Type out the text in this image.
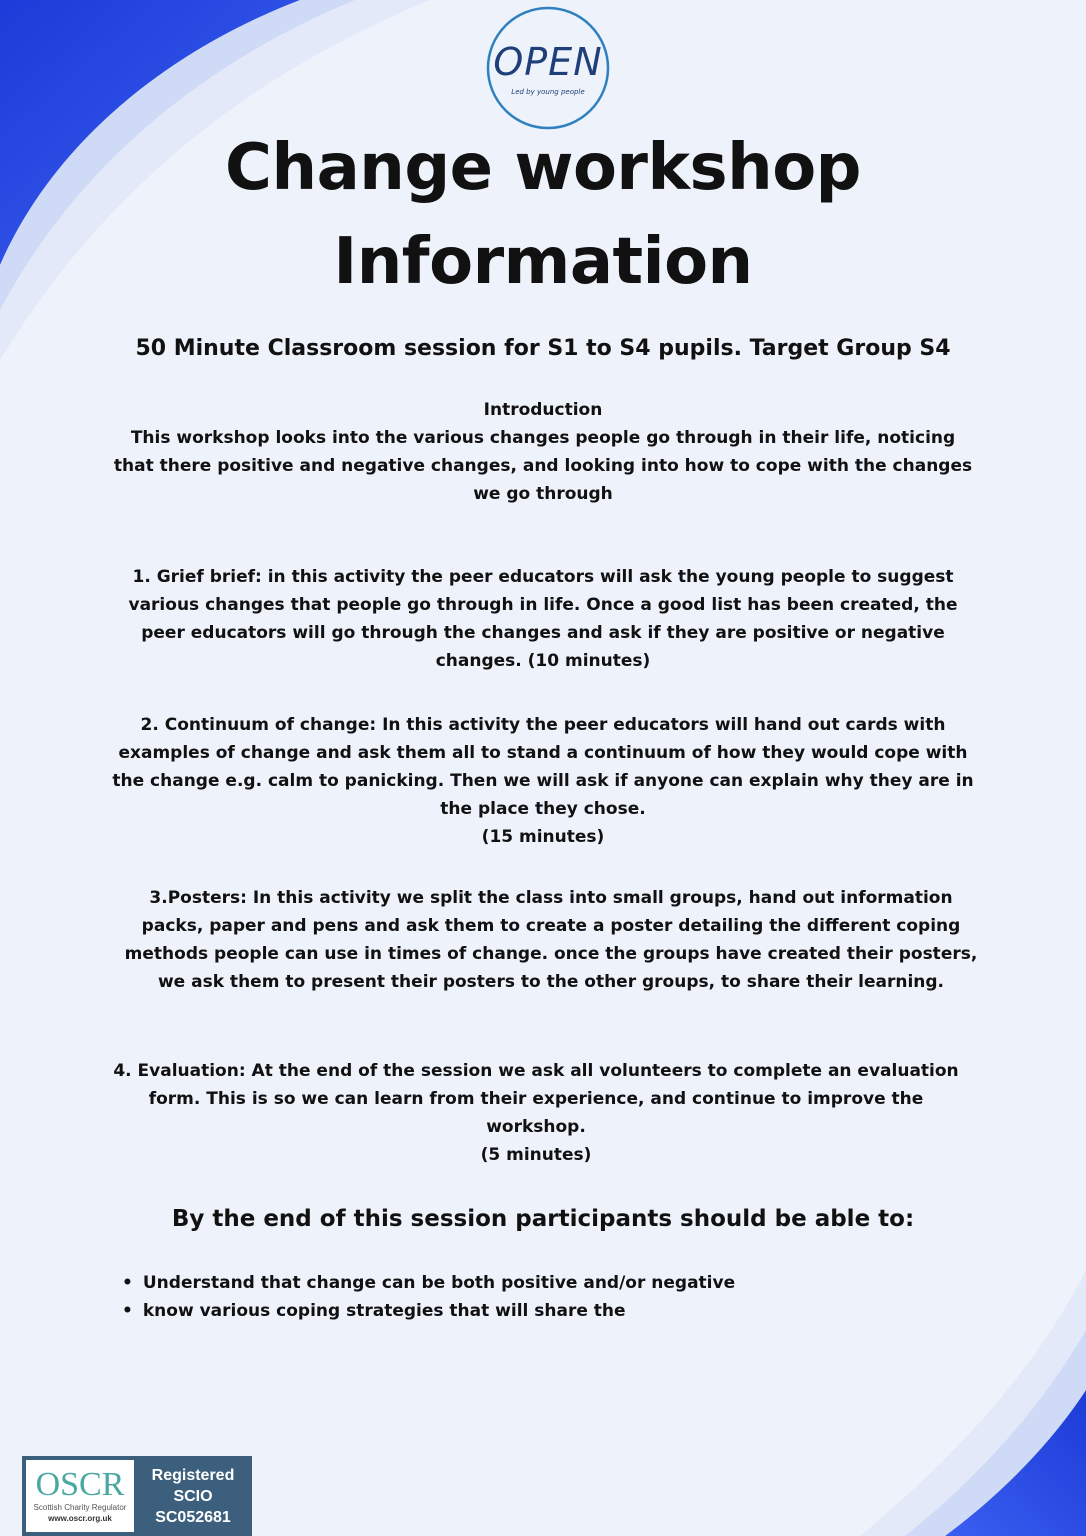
OPEN
Led by young people
Change workshop
Information

50 Minute Classroom session for S1 to S4 pupils. Target Group S4

Introduction
This workshop looks into the various changes people go through in their life, noticing
that there positive and negative changes, and looking into how to cope with the changes
we go through
1. Grief brief: in this activity the peer educators will ask the young people to suggest
various changes that people go through in life. Once a good list has been created, the
peer educators will go through the changes and ask if they are positive or negative
changes. (10 minutes)
2. Continuum of change: In this activity the peer educators will hand out cards with
examples of change and ask them all to stand a continuum of how they would cope with
the change e.g. calm to panicking. Then we will ask if anyone can explain why they are in
the place they chose.
(15 minutes)
3.Posters: In this activity we split the class into small groups, hand out information
packs, paper and pens and ask them to create a poster detailing the different coping
methods people can use in times of change. once the groups have created their posters,
we ask them to present their posters to the other groups, to share their learning.
4. Evaluation: At the end of the session we ask all volunteers to complete an evaluation
form. This is so we can learn from their experience, and continue to improve the
workshop.
(5 minutes)
By the end of this session participants should be able to:
• Understand that change can be both positive and/or negative
• know various coping strategies that will share the
OSCR
Scottish Charity Regulator
www.oscr.org.uk
Registered
SCIO
SC052681
